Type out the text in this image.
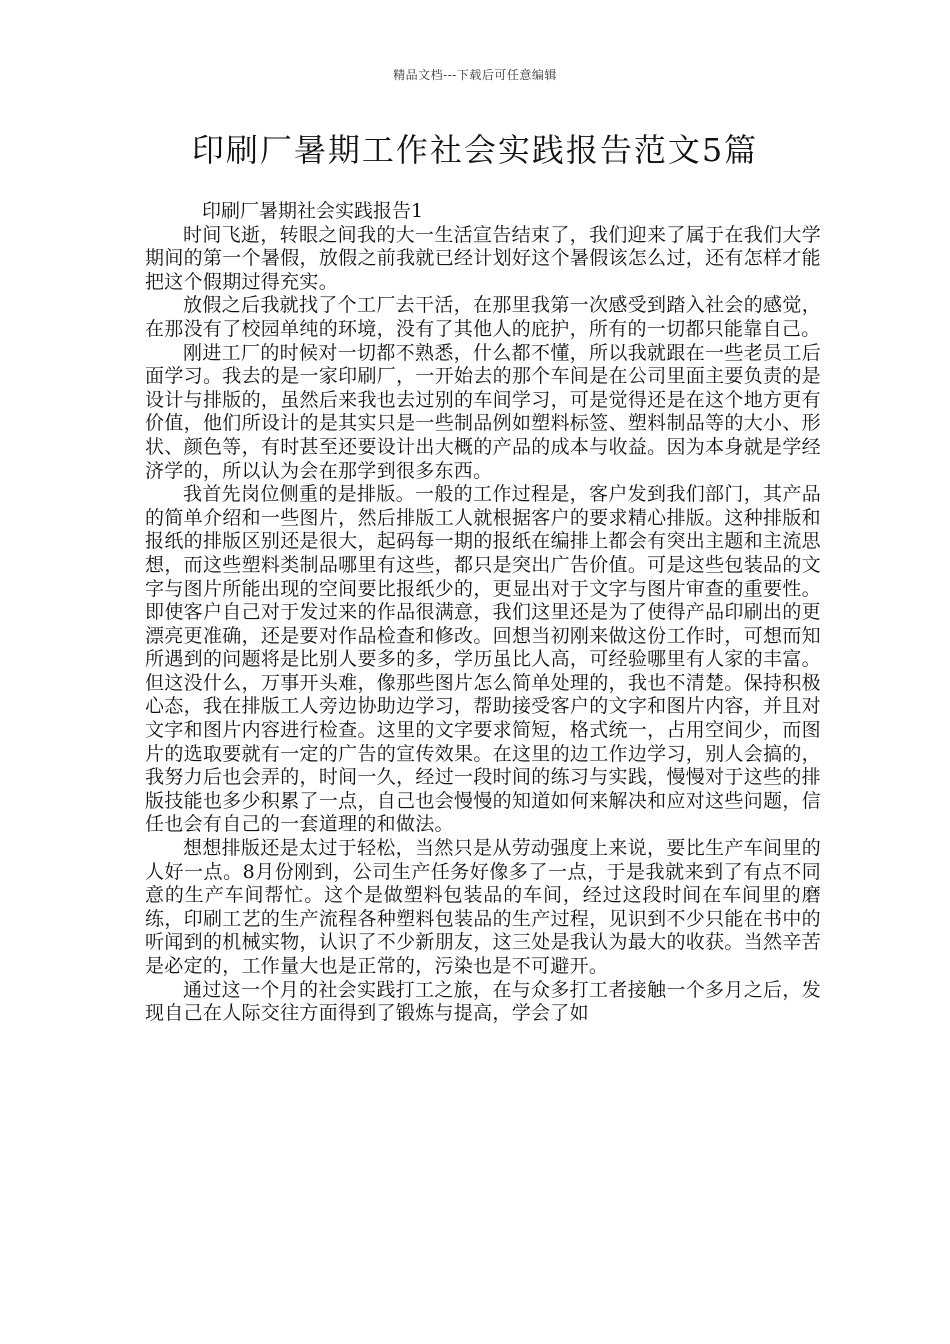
精品文档---下载后可任意编辑
印刷厂暑期工作社会实践报告范文5篇

印刷厂暑期社会实践报告1

时间飞逝，转眼之间我的大一生活宣告结束了，我们迎来了属于在我们大学期间的第一个暑假，放假之前我就已经计划好这个暑假该怎么过，还有怎样才能把这个假期过得充实。

放假之后我就找了个工厂去干活，在那里我第一次感受到踏入社会的感觉，在那没有了校园单纯的环境，没有了其他人的庇护，所有的一切都只能靠自己。

刚进工厂的时候对一切都不熟悉，什么都不懂，所以我就跟在一些老员工后面学习。我去的是一家印刷厂，一开始去的那个车间是在公司里面主要负责的是设计与排版的，虽然后来我也去过别的车间学习，可是觉得还是在这个地方更有价值，他们所设计的是其实只是一些制品例如塑料标签、塑料制品等的大小、形状、颜色等，有时甚至还要设计出大概的产品的成本与收益。因为本身就是学经济学的，所以认为会在那学到很多东西。

我首先岗位侧重的是排版。一般的工作过程是，客户发到我们部门，其产品的简单介绍和一些图片，然后排版工人就根据客户的要求精心排版。这种排版和报纸的排版区别还是很大，起码每一期的报纸在编排上都会有突出主题和主流思想，而这些塑料类制品哪里有这些，都只是突出广告价值。可是这些包装品的文字与图片所能出现的空间要比报纸少的，更显出对于文字与图片审查的重要性。即使客户自己对于发过来的作品很满意，我们这里还是为了使得产品印刷出的更漂亮更准确，还是要对作品检查和修改。回想当初刚来做这份工作时，可想而知所遇到的问题将是比别人要多的多，学历虽比人高，可经验哪里有人家的丰富。但这没什么，万事开头难，像那些图片怎么简单处理的，我也不清楚。保持积极心态，我在排版工人旁边协助边学习，帮助接受客户的文字和图片内容，并且对文字和图片内容进行检查。这里的文字要求简短，格式统一，占用空间少，而图片的选取要就有一定的广告的宣传效果。在这里的边工作边学习，别人会搞的，我努力后也会弄的，时间一久，经过一段时间的练习与实践，慢慢对于这些的排版技能也多少积累了一点，自己也会慢慢的知道如何来解决和应对这些问题，信任也会有自己的一套道理的和做法。

想想排版还是太过于轻松，当然只是从劳动强度上来说，要比生产车间里的人好一点。8月份刚到，公司生产任务好像多了一点，于是我就来到了有点不同意的生产车间帮忙。这个是做塑料包装品的车间，经过这段时间在车间里的磨练，印刷工艺的生产流程各种塑料包装品的生产过程，见识到不少只能在书中的听闻到的机械实物，认识了不少新朋友，这三处是我认为最大的收获。当然辛苦是必定的，工作量大也是正常的，污染也是不可避开。

通过这一个月的社会实践打工之旅，在与众多打工者接触一个多月之后，发现自己在人际交往方面得到了锻炼与提高，学会了如
